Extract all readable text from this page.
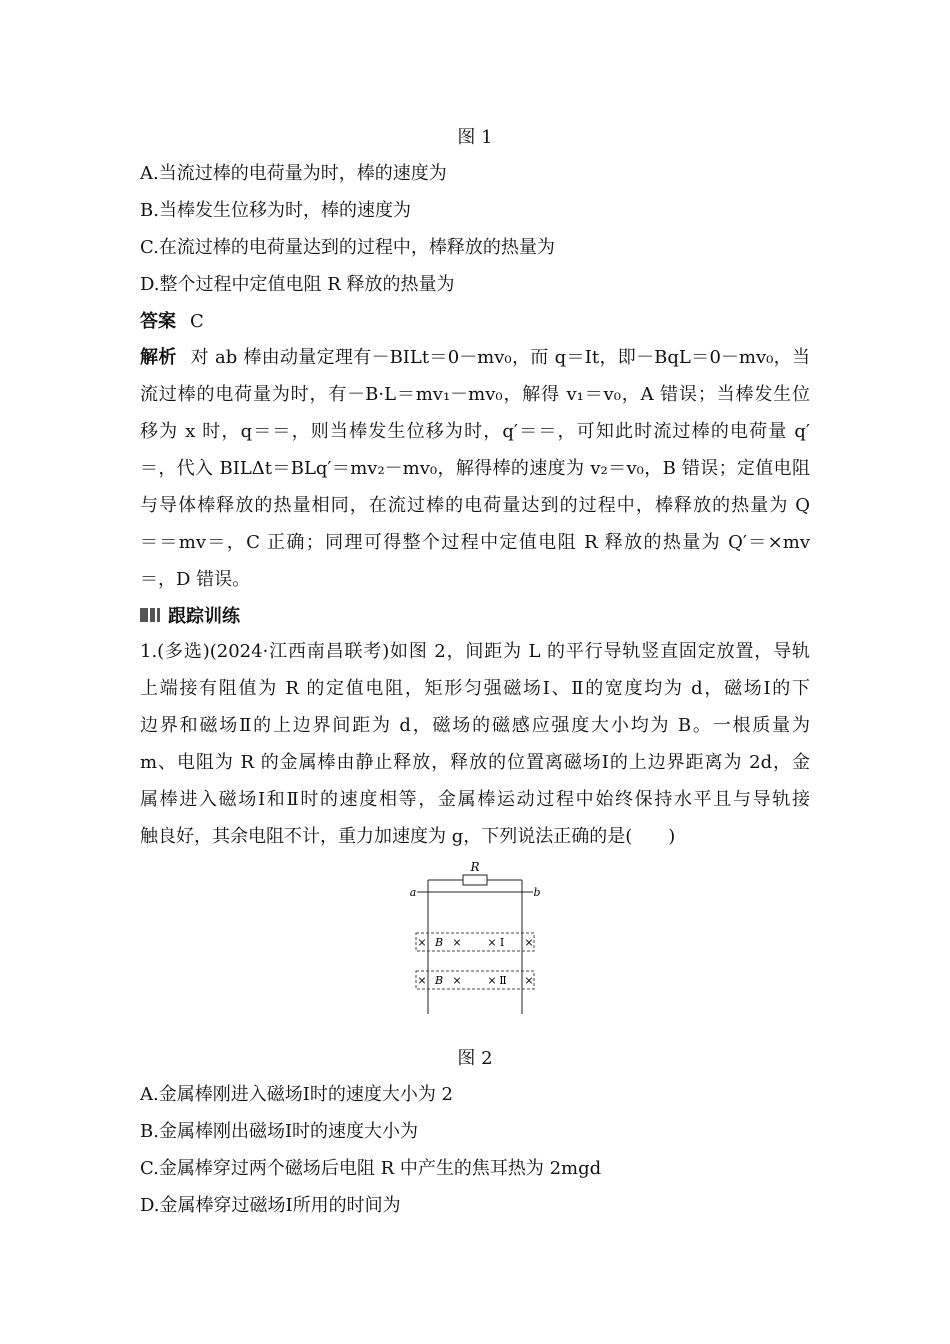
图 1
A.当流过棒的电荷量为时，棒的速度为
B.当棒发生位移为时，棒的速度为
C.在流过棒的电荷量达到的过程中，棒释放的热量为
D.整个过程中定值电阻 R 释放的热量为
答案 C
解析 对 ab 棒由动量定理有－BILt＝0－mv₀，而 q＝It，即－BqL＝0－mv₀，当
流过棒的电荷量为时，有－B·L＝mv₁－mv₀，解得 v₁＝v₀，A 错误；当棒发生位
移为 x 时，q＝＝，则当棒发生位移为时，q′＝＝，可知此时流过棒的电荷量 q′
＝，代入 BILΔt＝BLq′＝mv₂－mv₀，解得棒的速度为 v₂＝v₀，B 错误；定值电阻
与导体棒释放的热量相同，在流过棒的电荷量达到的过程中，棒释放的热量为 Q
＝＝mv＝，C 正确；同理可得整个过程中定值电阻 R 释放的热量为 Q′＝×mv
＝，D 错误。
跟踪训练
1.(多选)(2024·江西南昌联考)如图 2，间距为 L 的平行导轨竖直固定放置，导轨
上端接有阻值为 R 的定值电阻，矩形匀强磁场Ⅰ、Ⅱ的宽度均为 d，磁场Ⅰ的下
边界和磁场Ⅱ的上边界间距为 d，磁场的磁感应强度大小均为 B。一根质量为
m、电阻为 R 的金属棒由静止释放，释放的位置离磁场Ⅰ的上边界距离为 2d，金
属棒进入磁场Ⅰ和Ⅱ时的速度相等，金属棒运动过程中始终保持水平且与导轨接
触良好，其余电阻不计，重力加速度为 g，下列说法正确的是(　　)
R
a	b
× B × × Ⅰ ×
× B × × Ⅱ ×
图 2
A.金属棒刚进入磁场Ⅰ时的速度大小为 2
B.金属棒刚出磁场Ⅰ时的速度大小为
C.金属棒穿过两个磁场后电阻 R 中产生的焦耳热为 2mgd
D.金属棒穿过磁场Ⅰ所用的时间为
